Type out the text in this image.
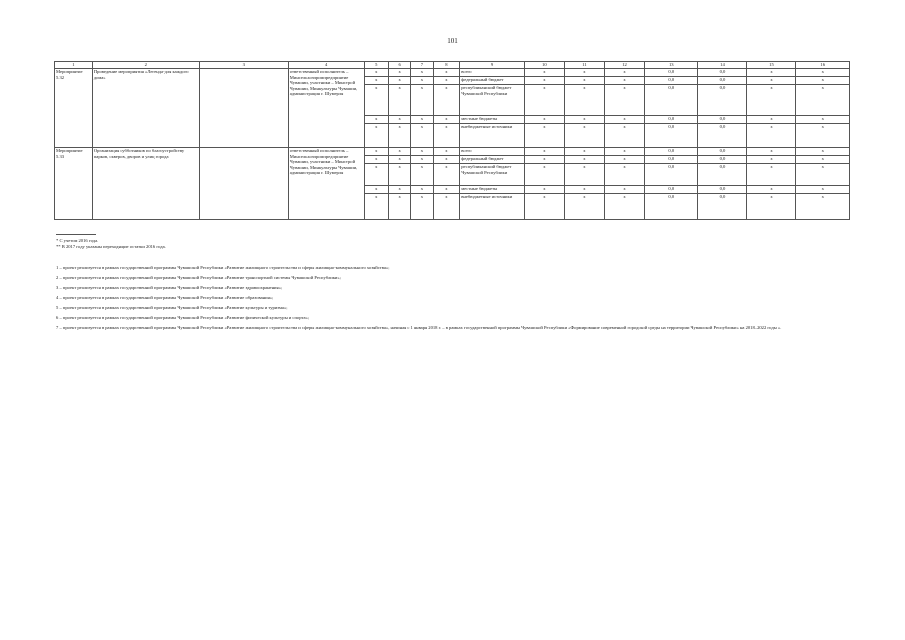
101
1	2	3	4	5	6	7	8	9	10	11	12	13	14	15	16
Мероприятие 5.32	Проведение мероприятия «Легенда-для каждого дома»		ответственный исполнитель – Минсельхозпромпредприятие Чувашии, участники – Минстрой Чувашии, Минкультуры Чувашии, администрация г. Шумерля	x	x	x	x	всего	x	x	x	0,0	0,0	x	x
				x	x	x	x	федеральный бюджет	x	x	x	0,0	0,0	x	x
				x	x	x	x	республиканский бюджет Чувашской Республики	x	x	x	0,0	0,0	x	x
				x	x	x	x	местные бюджеты	x	x	x	0,0	0,0	x	x
				x	x	x	x	внебюджетные источники	x	x	x	0,0	0,0	x	x
Мероприятие 5.33	Организация субботников по благоустройству парков, скверов, дворов и улиц города		ответственный исполнитель – Минсельхозпромпредприятие Чувашии, участники – Минстрой Чувашии, Минкультуры Чувашии, администрация г. Шумерля	x	x	x	x	всего	x	x	x	0,0	0,0	x	x
				x	x	x	x	федеральный бюджет	x	x	x	0,0	0,0	x	x
				x	x	x	x	республиканский бюджет Чувашской Республики	x	x	x	0,0	0,0	x	x
				x	x	x	x	местные бюджеты	x	x	x	0,0	0,0	x	x
				x	x	x	x	внебюджетные источники	x	x	x	0,0	0,0	x	x
* С учетом 2016 года.
** В 2017 году указаны переходящие остатки 2016 года.
1 – проект реализуется в рамках государственной программы Чувашской Республики «Развитие жилищного строительства и сферы жилищно-коммунального хозяйства»;
2 – проект реализуется в рамках государственной программы Чувашской Республики «Развитие транспортной системы Чувашской Республики»;
3 – проект реализуется в рамках государственной программы Чувашской Республики «Развитие здравоохранения»;
4 – проект реализуется в рамках государственной программы Чувашской Республики «Развитие образования»;
5 – проект реализуется в рамках государственной программы Чувашской Республики «Развитие культуры и туризма»;
6 – проект реализуется в рамках государственной программы Чувашской Республики «Развитие физической культуры и спорта»;
7 – проект реализуется в рамках государственной программы Чувашской Республики «Развитие жилищного строительства и сферы жилищно-коммунального хозяйства», начиная с 1 января 2018 г. – в рамках государственной программы Чувашской Республики «Формирование современной городской среды на территории Чувашской Республики» на 2018–2022 годы ».
